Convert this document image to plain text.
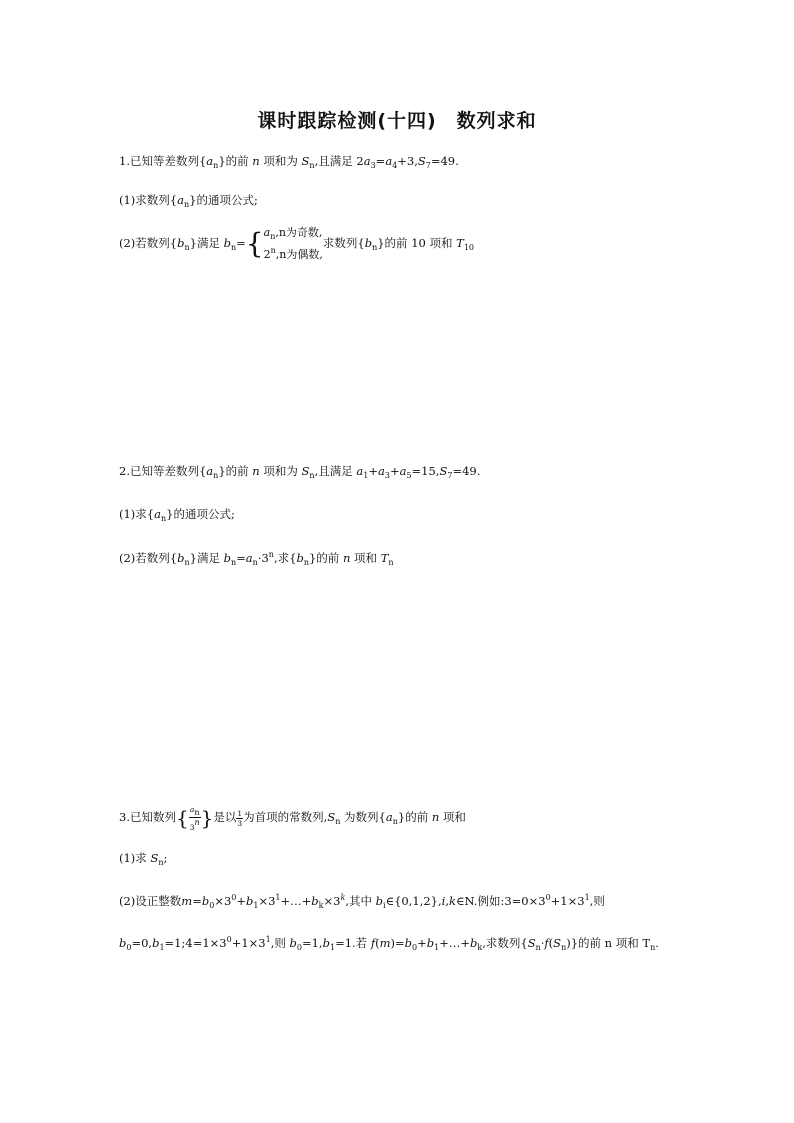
课时跟踪检测(十四)　数列求和
1.已知等差数列$\{a_n\}$的前 n 项和为 $S_n$,且满足 $2a_3=a_4+3,S_7=49$.
(1)求数列$\{a_n\}$的通项公式;
(2)若数列$\{b_n\}$满足 $b_n=${ $a_n,n$为奇数,
2$^n$,n为偶数,
求数列$\{b_n\}$的前 10 项和 $T_{10}$
2.已知等差数列$\{a_n\}$的前 n 项和为 $S_n$,且满足 $a_1+a_3+a_5=15,S_7=49$.
(1)求$\{a_n\}$的通项公式;
(2)若数列$\{b_n\}$满足 $b_n=a_n\cdot 3^n$,求$\{b_n\}$的前 n 项和 $T_n$
3.已知数列{ $\frac{a_n}{3^n}$ }是以 $\frac{1}{3}$ 为首项的常数列$,S_n$ 为数列$\{a_n\}$的前 n 项和
(1)求 $S_n$;
(2)设正整数$m=b_0\times 3^0+b_1\times 3^1+\dots+b_k\times 3^k$,其中 $b_i\in\{0,1,2\},i,k\in N$.例如$:3=0\times 3^0+1\times 3^1$,则
$b_0=0,b_1=1;4=1\times 3^0+1\times 3^1$,则 $b_0=1,b_1=1$.若 $f(m)=b_0+b_1+\dots+b_k$,求数列$\{S_n\cdot f(S_n)\}$的前 n 项和 $T_n$.
